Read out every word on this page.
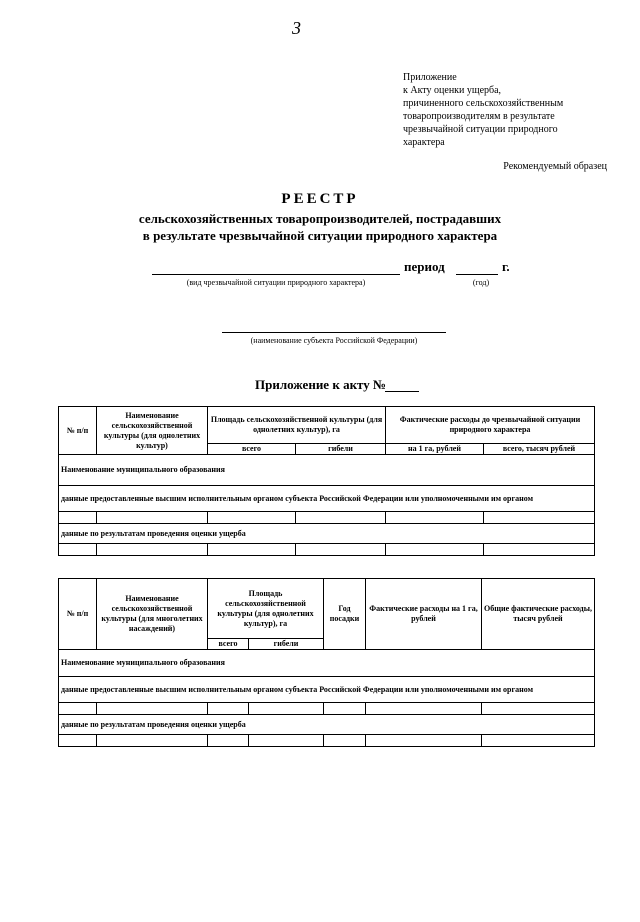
3
Приложение
к Акту оценки ущерба,
причиненного сельскохозяйственным
товаропроизводителям в результате
чрезвычайной ситуации природного
характера
Рекомендуемый образец
РЕЕСТР
сельскохозяйственных товаропроизводителей, пострадавших
в результате чрезвычайной ситуации природного характера
период	г.
(вид чрезвычайной ситуации природного характера)	(год)
(наименование субъекта Российской Федерации)
Приложение к акту №
№ п/п	Наименование сельскохозяйственной культуры (для однолетних культур)	Площадь сельскохозяйственной культуры (для однолетних культур), га		Фактические расходы до чрезвычайной ситуации природного характера	
		всего	гибели	на 1 га, рублей	всего, тысяч рублей
Наименование муниципального образования					
данные предоставленные высшим исполнительным органом субъекта Российской Федерации или уполномоченными им органом					

данные по результатам проведения оценки ущерба					

№ п/п	Наименование сельскохозяйственной культуры (для многолетних насаждений)	Площадь сельскохозяйственной культуры (для однолетних культур), га		Год посадки	Фактические расходы на 1 га, рублей	Общие фактические расходы, тысяч рублей
		всего	гибели			
Наименование муниципального образования						
данные предоставленные высшим исполнительным органом субъекта Российской Федерации или уполномоченными им органом						

данные по результатам проведения оценки ущерба						
